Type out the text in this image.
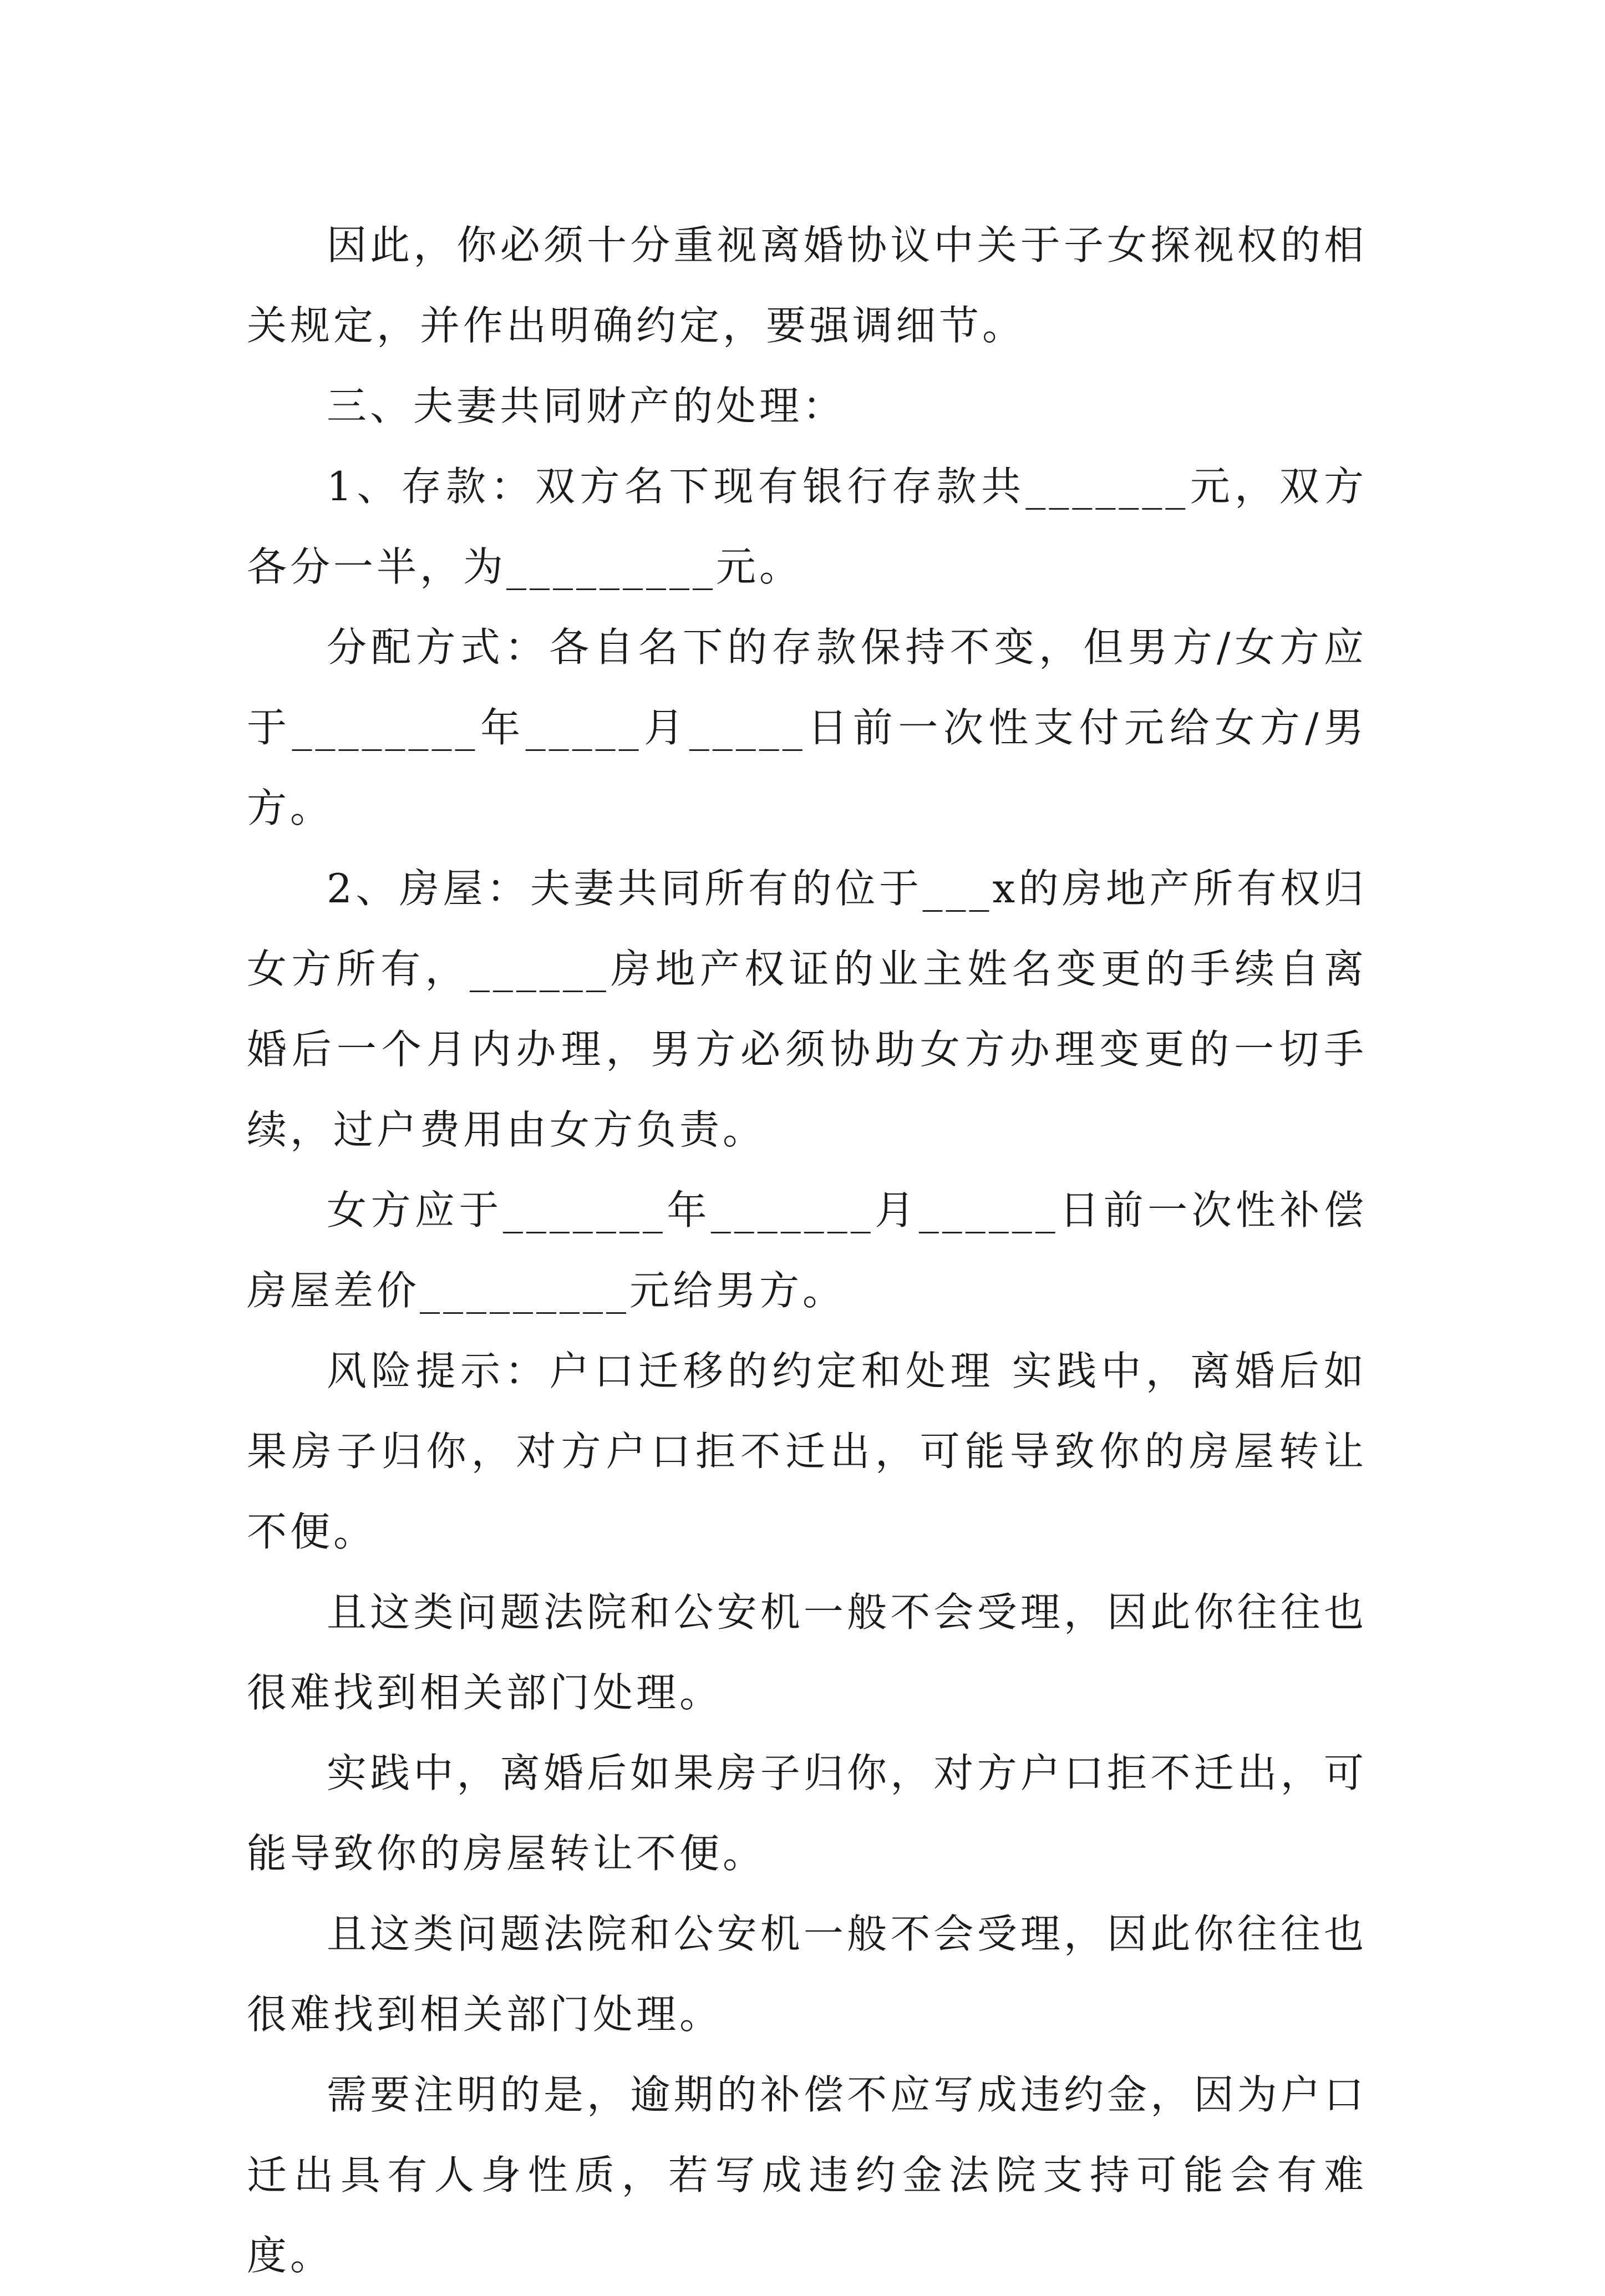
因此，你必须十分重视离婚协议中关于子女探视权的相关规定，并作出明确约定，要强调细节。

三、夫妻共同财产的处理：

1、存款：双方名下现有银行存款共_______元，双方各分一半，为_________元。

分配方式：各自名下的存款保持不变，但男方/女方应于________年_____月_____日前一次性支付元给女方/男方。

2、房屋：夫妻共同所有的位于___x的房地产所有权归女方所有，______房地产权证的业主姓名变更的手续自离婚后一个月内办理，男方必须协助女方办理变更的一切手续，过户费用由女方负责。

女方应于_______年_______月______日前一次性补偿房屋差价_________元给男方。

风险提示：户口迁移的约定和处理 实践中，离婚后如果房子归你，对方户口拒不迁出，可能导致你的房屋转让不便。

且这类问题法院和公安机一般不会受理，因此你往往也很难找到相关部门处理。

实践中，离婚后如果房子归你，对方户口拒不迁出，可能导致你的房屋转让不便。

且这类问题法院和公安机一般不会受理，因此你往往也很难找到相关部门处理。

需要注明的是，逾期的补偿不应写成违约金，因为户口迁出具有人身性质，若写成违约金法院支持可能会有难度。
